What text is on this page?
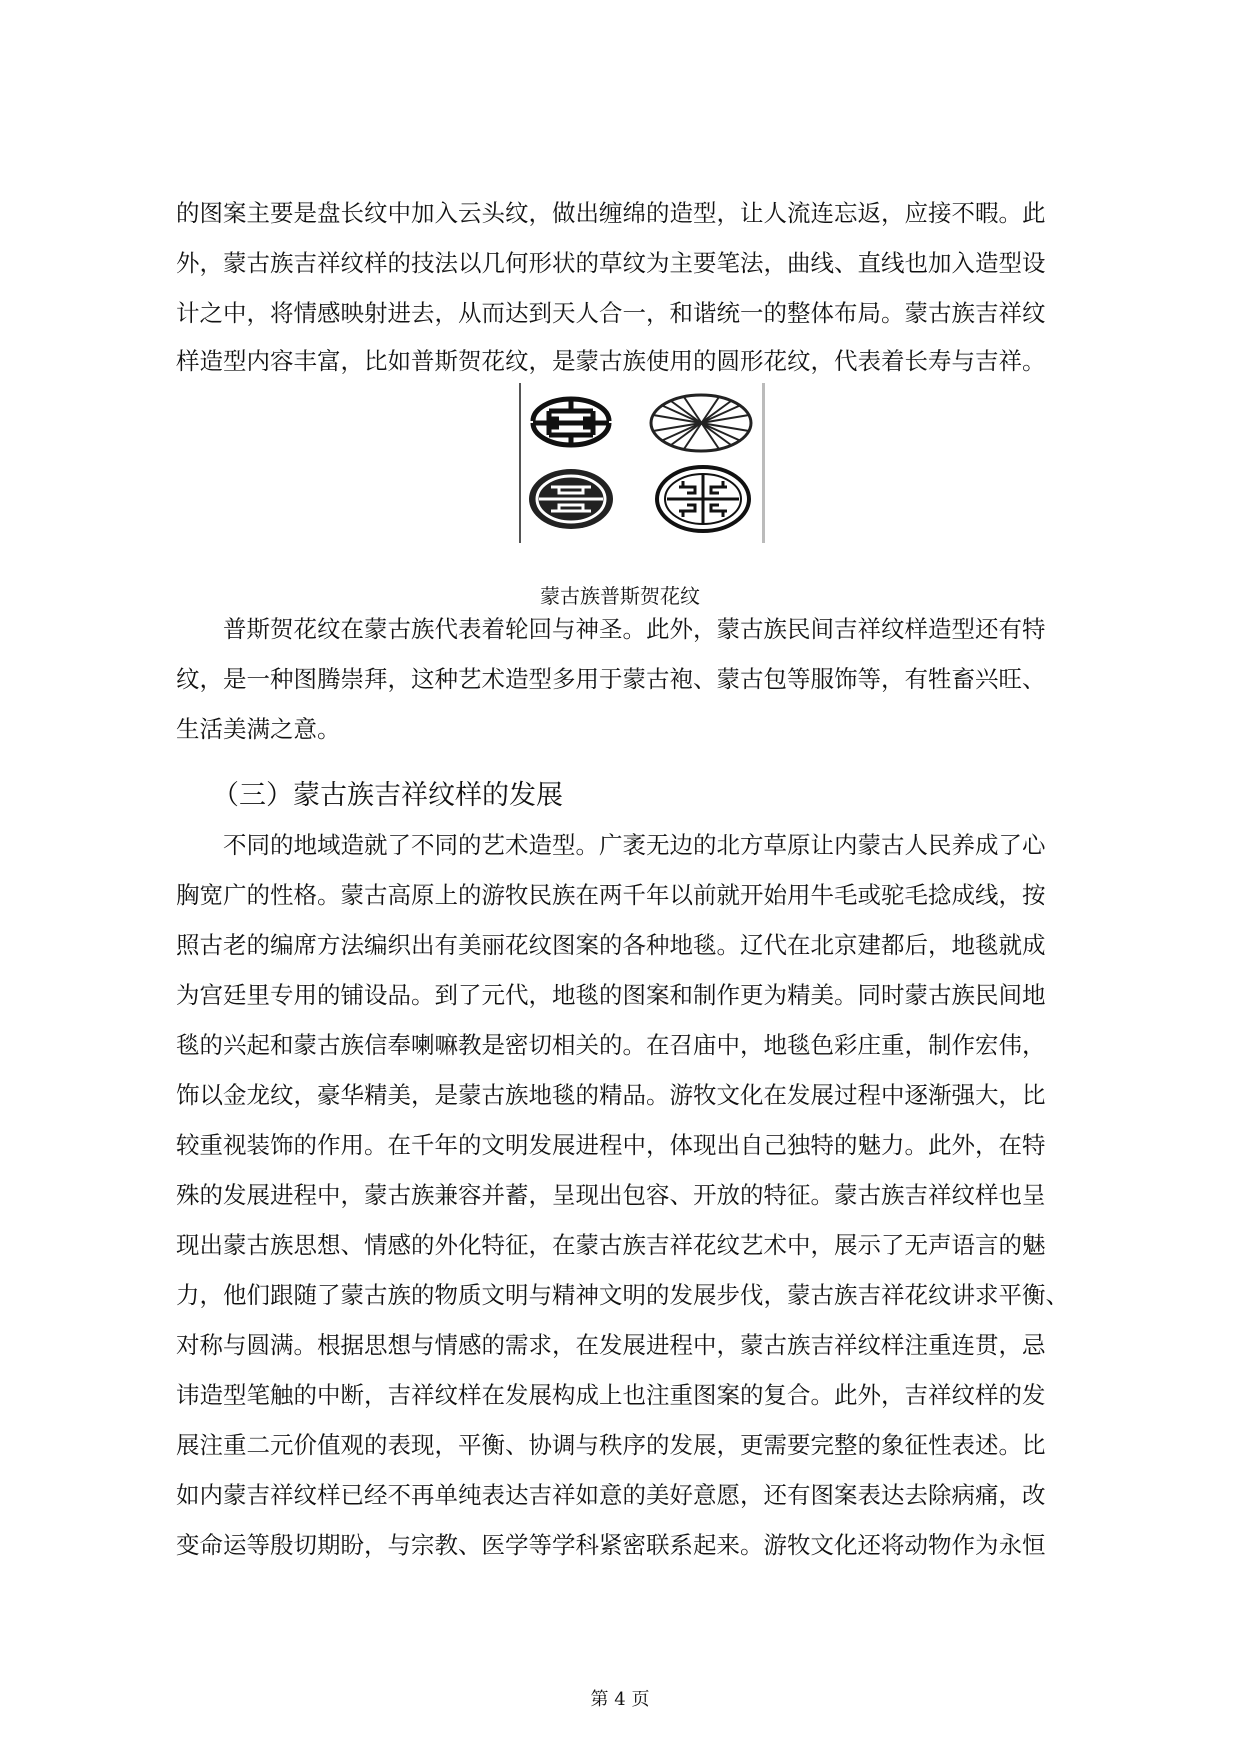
的图案主要是盘长纹中加入云头纹，做出缠绵的造型，让人流连忘返，应接不暇。此
外，蒙古族吉祥纹样的技法以几何形状的草纹为主要笔法，曲线、直线也加入造型设
计之中，将情感映射进去，从而达到天人合一，和谐统一的整体布局。蒙古族吉祥纹
样造型内容丰富，比如普斯贺花纹，是蒙古族使用的圆形花纹，代表着长寿与吉祥。
蒙古族普斯贺花纹
　　普斯贺花纹在蒙古族代表着轮回与神圣。此外，蒙古族民间吉祥纹样造型还有特
纹，是一种图腾崇拜，这种艺术造型多用于蒙古袍、蒙古包等服饰等，有牲畜兴旺、
生活美满之意。
（三）蒙古族吉祥纹样的发展
　　不同的地域造就了不同的艺术造型。广袤无边的北方草原让内蒙古人民养成了心
胸宽广的性格。蒙古高原上的游牧民族在两千年以前就开始用牛毛或驼毛捻成线，按
照古老的编席方法编织出有美丽花纹图案的各种地毯。辽代在北京建都后，地毯就成
为宫廷里专用的铺设品。到了元代，地毯的图案和制作更为精美。同时蒙古族民间地
毯的兴起和蒙古族信奉喇嘛教是密切相关的。在召庙中，地毯色彩庄重，制作宏伟，
饰以金龙纹，豪华精美，是蒙古族地毯的精品。游牧文化在发展过程中逐渐强大，比
较重视装饰的作用。在千年的文明发展进程中，体现出自己独特的魅力。此外，在特
殊的发展进程中，蒙古族兼容并蓄，呈现出包容、开放的特征。蒙古族吉祥纹样也呈
现出蒙古族思想、情感的外化特征，在蒙古族吉祥花纹艺术中，展示了无声语言的魅
力，他们跟随了蒙古族的物质文明与精神文明的发展步伐，蒙古族吉祥花纹讲求平衡、
对称与圆满。根据思想与情感的需求，在发展进程中，蒙古族吉祥纹样注重连贯，忌
讳造型笔触的中断，吉祥纹样在发展构成上也注重图案的复合。此外，吉祥纹样的发
展注重二元价值观的表现，平衡、协调与秩序的发展，更需要完整的象征性表述。比
如内蒙吉祥纹样已经不再单纯表达吉祥如意的美好意愿，还有图案表达去除病痛，改
变命运等殷切期盼，与宗教、医学等学科紧密联系起来。游牧文化还将动物作为永恒
第 4 页
